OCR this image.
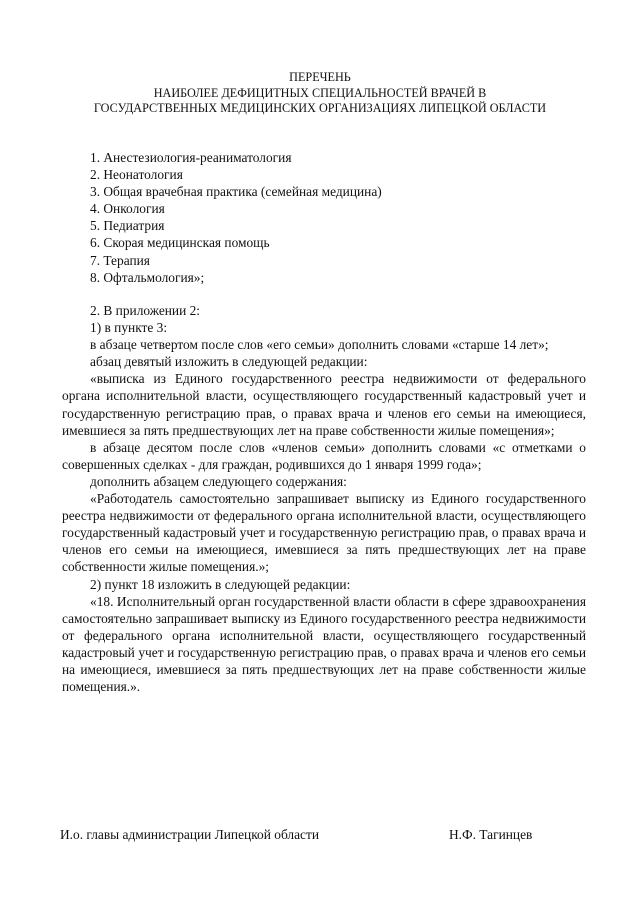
ПЕРЕЧЕНЬ
НАИБОЛЕЕ ДЕФИЦИТНЫХ СПЕЦИАЛЬНОСТЕЙ ВРАЧЕЙ В
ГОСУДАРСТВЕННЫХ МЕДИЦИНСКИХ ОРГАНИЗАЦИЯХ ЛИПЕЦКОЙ ОБЛАСТИ
1. Анестезиология-реаниматология
2. Неонатология
3. Общая врачебная практика (семейная медицина)
4. Онкология
5. Педиатрия
6. Скорая медицинская помощь
7. Терапия
8. Офтальмология»;

2. В приложении 2:

1) в пункте 3:

в абзаце четвертом после слов «его семьи» дополнить словами «старше 14 лет»;

абзац девятый изложить в следующей редакции:

«выписка из Единого государственного реестра недвижимости от федерального органа исполнительной власти, осуществляющего государственный кадастровый учет и государственную регистрацию прав, о правах врача и членов его семьи на имеющиеся, имевшиеся за пять предшествующих лет на праве собственности жилые помещения»;

в абзаце десятом после слов «членов семьи» дополнить словами «с отметками о совершенных сделках - для граждан, родившихся до 1 января 1999 года»;

дополнить абзацем следующего содержания:

«Работодатель самостоятельно запрашивает выписку из Единого государственного реестра недвижимости от федерального органа исполнительной власти, осуществляющего государственный кадастровый учет и государственную регистрацию прав, о правах врача и членов его семьи на имеющиеся, имевшиеся за пять предшествующих лет на праве собственности жилые помещения.»;

2) пункт 18 изложить в следующей редакции:

«18. Исполнительный орган государственной власти области в сфере здравоохранения самостоятельно запрашивает выписку из Единого государственного реестра недвижимости от федерального органа исполнительной власти, осуществляющего государственный кадастровый учет и государственную регистрацию прав, о правах врача и членов его семьи на имеющиеся, имевшиеся за пять предшествующих лет на праве собственности жилые помещения.».

И.о. главы администрации Липецкой области	Н.Ф. Тагинцев
